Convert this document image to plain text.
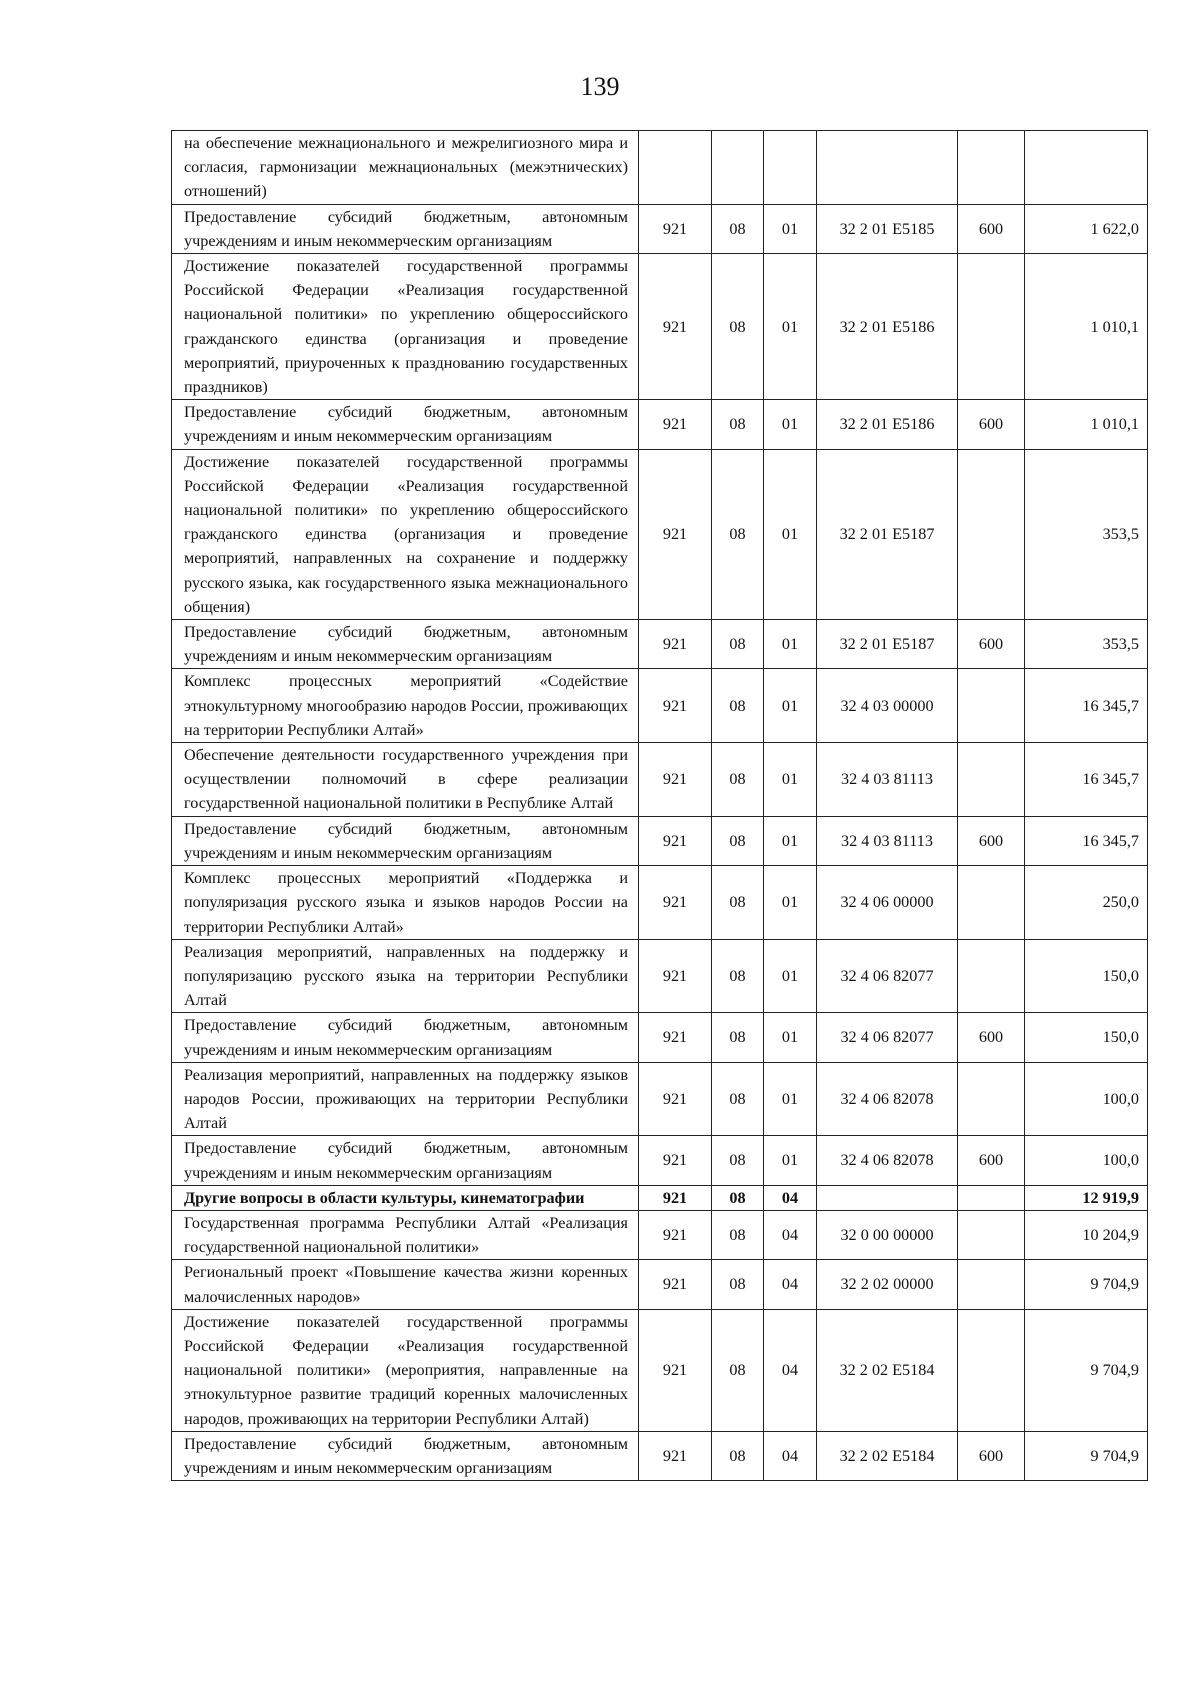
139
на обеспечение межнационального и межрелигиозного мира и согласия, гармонизации межнациональных (межэтнических) отношений)						
Предоставление субсидий бюджетным, автономным учреждениям и иным некоммерческим организациям	921	08	01	32 2 01 E5185	600	1 622,0
Достижение показателей государственной программы Российской Федерации «Реализация государственной национальной политики» по укреплению общероссийского гражданского единства (организация и проведение мероприятий, приуроченных к празднованию государственных праздников)	921	08	01	32 2 01 E5186		1 010,1
Предоставление субсидий бюджетным, автономным учреждениям и иным некоммерческим организациям	921	08	01	32 2 01 E5186	600	1 010,1
Достижение показателей государственной программы Российской Федерации «Реализация государственной национальной политики» по укреплению общероссийского гражданского единства (организация и проведение мероприятий, направленных на сохранение и поддержку русского языка, как государственного языка межнационального общения)	921	08	01	32 2 01 E5187		353,5
Предоставление субсидий бюджетным, автономным учреждениям и иным некоммерческим организациям	921	08	01	32 2 01 E5187	600	353,5
Комплекс процессных мероприятий «Содействие этнокультурному многообразию народов России, проживающих на территории Республики Алтай»	921	08	01	32 4 03 00000		16 345,7
Обеспечение деятельности государственного учреждения при осуществлении полномочий в сфере реализации государственной национальной политики в Республике Алтай	921	08	01	32 4 03 81113		16 345,7
Предоставление субсидий бюджетным, автономным учреждениям и иным некоммерческим организациям	921	08	01	32 4 03 81113	600	16 345,7
Комплекс процессных мероприятий «Поддержка и популяризация русского языка и языков народов России на территории Республики Алтай»	921	08	01	32 4 06 00000		250,0
Реализация мероприятий, направленных на поддержку и популяризацию русского языка на территории Республики Алтай	921	08	01	32 4 06 82077		150,0
Предоставление субсидий бюджетным, автономным учреждениям и иным некоммерческим организациям	921	08	01	32 4 06 82077	600	150,0
Реализация мероприятий, направленных на поддержку языков народов России, проживающих на территории Республики Алтай	921	08	01	32 4 06 82078		100,0
Предоставление субсидий бюджетным, автономным учреждениям и иным некоммерческим организациям	921	08	01	32 4 06 82078	600	100,0
Другие вопросы в области культуры, кинематографии	921	08	04			12 919,9
Государственная программа Республики Алтай «Реализация государственной национальной политики»	921	08	04	32 0 00 00000		10 204,9
Региональный проект «Повышение качества жизни коренных малочисленных народов»	921	08	04	32 2 02 00000		9 704,9
Достижение показателей государственной программы Российской Федерации «Реализация государственной национальной политики» (мероприятия, направленные на этнокультурное развитие традиций коренных малочисленных народов, проживающих на территории Республики Алтай)	921	08	04	32 2 02 E5184		9 704,9
Предоставление субсидий бюджетным, автономным учреждениям и иным некоммерческим организациям	921	08	04	32 2 02 E5184	600	9 704,9
